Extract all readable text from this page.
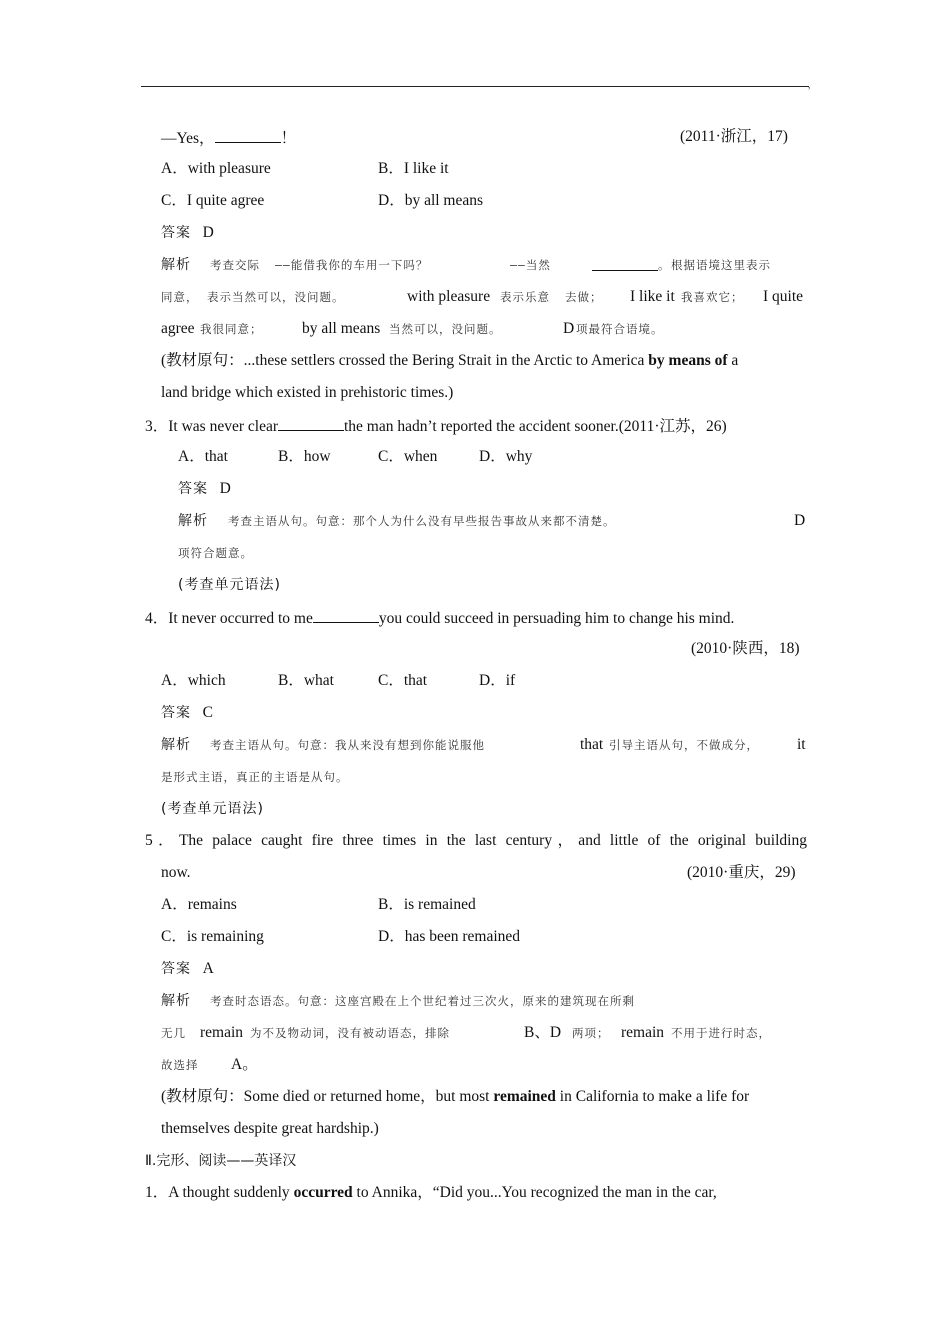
,
—Yes，	！	(2011·浙江，17)
A．with pleasure	B．I like it
C．I quite agree	D．by all means
答案 D
解析 考查交际 ——能借我你的车用一下吗？	——当然	。 根据语境这里表示
同意， 表示当然可以，没问题。	with pleasure 表示乐意 去做； I like it 我喜欢它； I quite
agree 我很同意；	by all means 当然可以，没问题。	D 项最符合语境。
(教材原句：...these settlers crossed the Bering Strait in the Arctic to America by means of a
land bridge which existed in prehistoric times.)
3．It was never clear	the man hadn’t reported the accident sooner.(2011·江苏，26)
A．that	B．how	C．when	D．why
答案 D
解析 考查主语从句。句意：那个人为什么没有早些报告事故从来都不清楚。	D
项符合题意。
(考查单元语法)
4．It never occurred to me	you could succeed in persuading him to change his mind.
(2010·陕西，18)
A．which	B．what	C．that	D．if
答案 C
解析 考查主语从句。句意：我从来没有想到你能说服他	that 引导主语从句，不做成分， it
是形式主语，真正的主语是从句。
(考查单元语法)
5．The palace caught fire three times in the last century，and little of the original building
now.	(2010·重庆，29)
A．remains	B．is remained
C．is remaining	D．has been remained
答案 A
解析 考查时态语态。句意：这座宫殿在上个世纪着过三次火，原来的建筑现在所剩
无几 remain 为不及物动词，没有被动语态，排除	B、D 两项； remain 不用于进行时态，
故选择 A。
(教材原句：Some died or returned home，but most remained in California to make a life for
themselves despite great hardship.)
Ⅱ.完形、阅读——英译汉
1．A thought suddenly occurred to Annika，“Did you...You recognized the man in the car,
